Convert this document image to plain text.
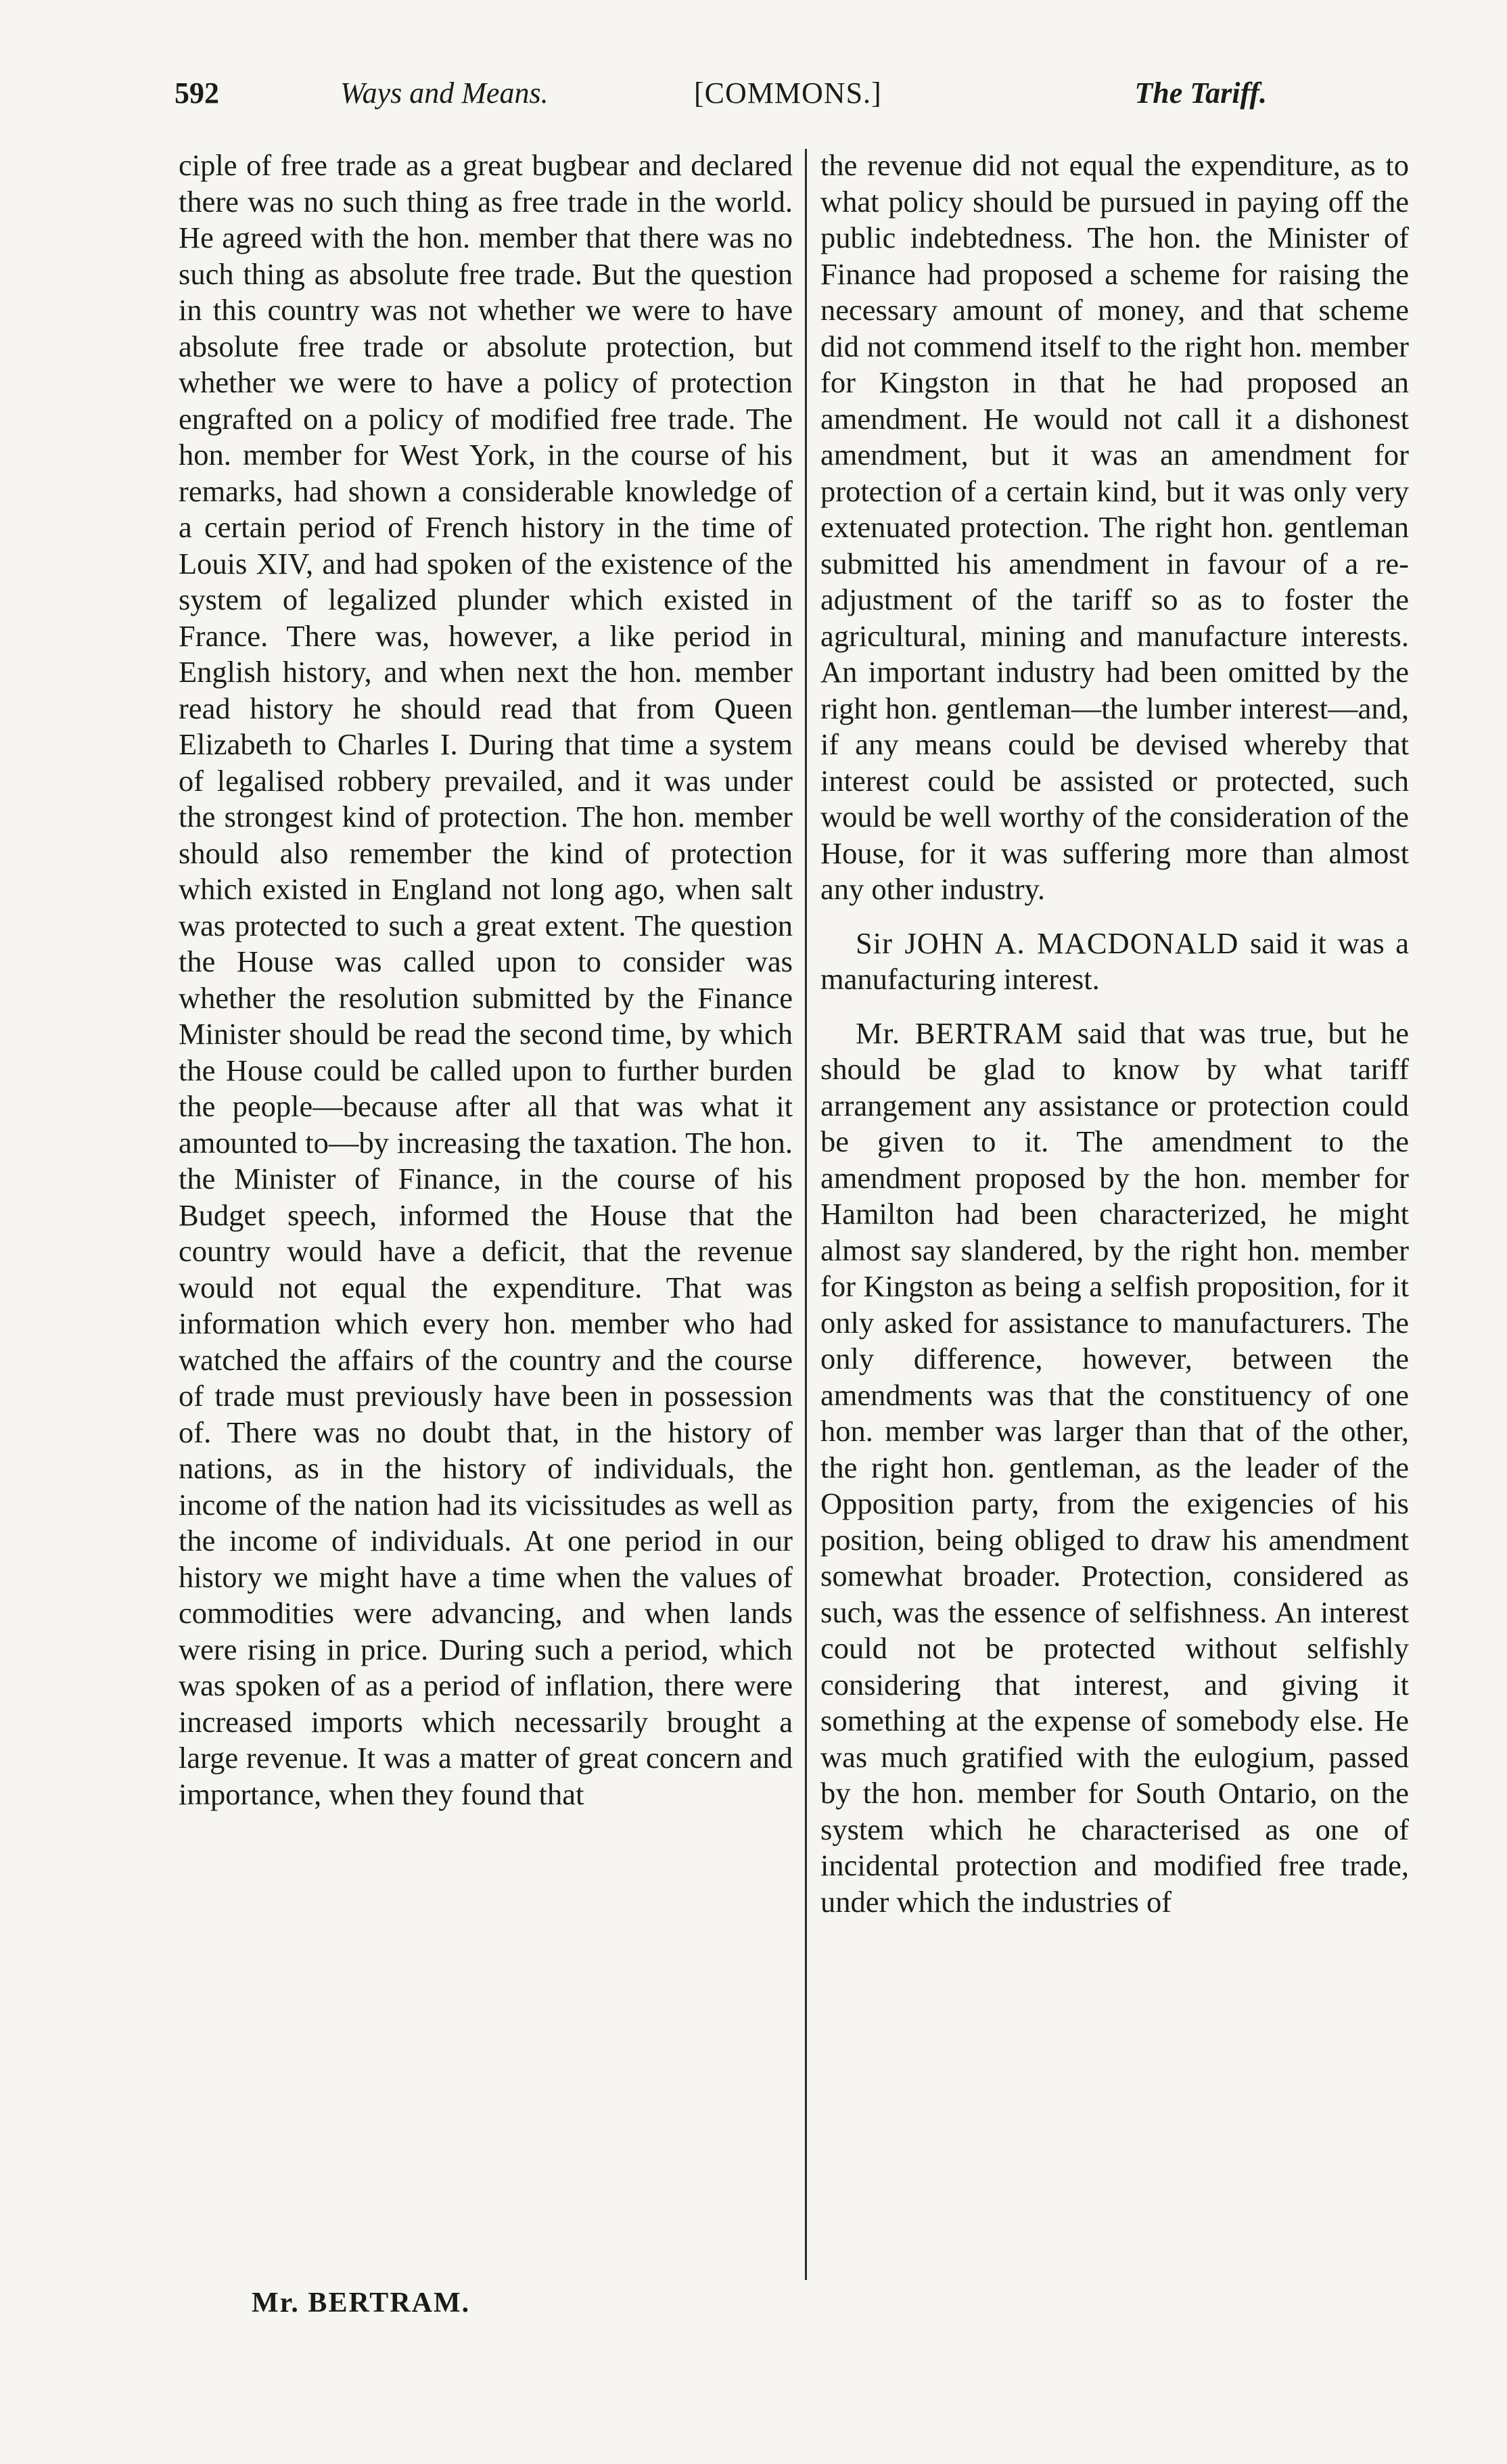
592	Ways and Means.	[COMMONS.]	The Tariff.

ciple of free trade as a great bugbear and declared there was no such thing as free trade in the world. He agreed with the hon. member that there was no such thing as absolute free trade. But the question in this country was not whether we were to have absolute free trade or absolute protection, but whether we were to have a policy of protection engrafted on a policy of modified free trade. The hon. member for West York, in the course of his remarks, had shown a considerable knowledge of a certain period of French history in the time of Louis XIV, and had spoken of the existence of the system of legalized plunder which existed in France. There was, however, a like period in English history, and when next the hon. member read history he should read that from Queen Elizabeth to Charles I. During that time a system of legalised robbery prevailed, and it was under the strongest kind of protection. The hon. member should also remember the kind of protection which existed in England not long ago, when salt was protected to such a great extent. The question the House was called upon to consider was whether the resolution submitted by the Finance Minister should be read the second time, by which the House could be called upon to further burden the people—because after all that was what it amounted to—by increasing the taxation. The hon. the Minister of Finance, in the course of his Budget speech, informed the House that the country would have a deficit, that the revenue would not equal the expenditure. That was information which every hon. member who had watched the affairs of the country and the course of trade must previously have been in possession of. There was no doubt that, in the history of nations, as in the history of individuals, the income of the nation had its vicissitudes as well as the income of individuals. At one period in our history we might have a time when the values of commodities were advancing, and when lands were rising in price. During such a period, which was spoken of as a period of inflation, there were increased imports which necessarily brought a large revenue. It was a matter of great concern and importance, when they found that

the revenue did not equal the expenditure, as to what policy should be pursued in paying off the public indebtedness. The hon. the Minister of Finance had proposed a scheme for raising the necessary amount of money, and that scheme did not commend itself to the right hon. member for Kingston in that he had proposed an amendment. He would not call it a dishonest amendment, but it was an amendment for protection of a certain kind, but it was only very extenuated protection. The right hon. gentleman submitted his amendment in favour of a re-adjustment of the tariff so as to foster the agricultural, mining and manufacture interests. An important industry had been omitted by the right hon. gentleman—the lumber interest—and, if any means could be devised whereby that interest could be assisted or protected, such would be well worthy of the consideration of the House, for it was suffering more than almost any other industry.

Sir JOHN A. MACDONALD said it was a manufacturing interest.

Mr. BERTRAM said that was true, but he should be glad to know by what tariff arrangement any assistance or protection could be given to it. The amendment to the amendment proposed by the hon. member for Hamilton had been characterized, he might almost say slandered, by the right hon. member for Kingston as being a selfish proposition, for it only asked for assistance to manufacturers. The only difference, however, between the amendments was that the constituency of one hon. member was larger than that of the other, the right hon. gentleman, as the leader of the Opposition party, from the exigencies of his position, being obliged to draw his amendment somewhat broader. Protection, considered as such, was the essence of selfishness. An interest could not be protected without selfishly considering that interest, and giving it something at the expense of somebody else. He was much gratified with the eulogium, passed by the hon. member for South Ontario, on the system which he characterised as one of incidental protection and modified free trade, under which the industries of

Mr. BERTRAM.
